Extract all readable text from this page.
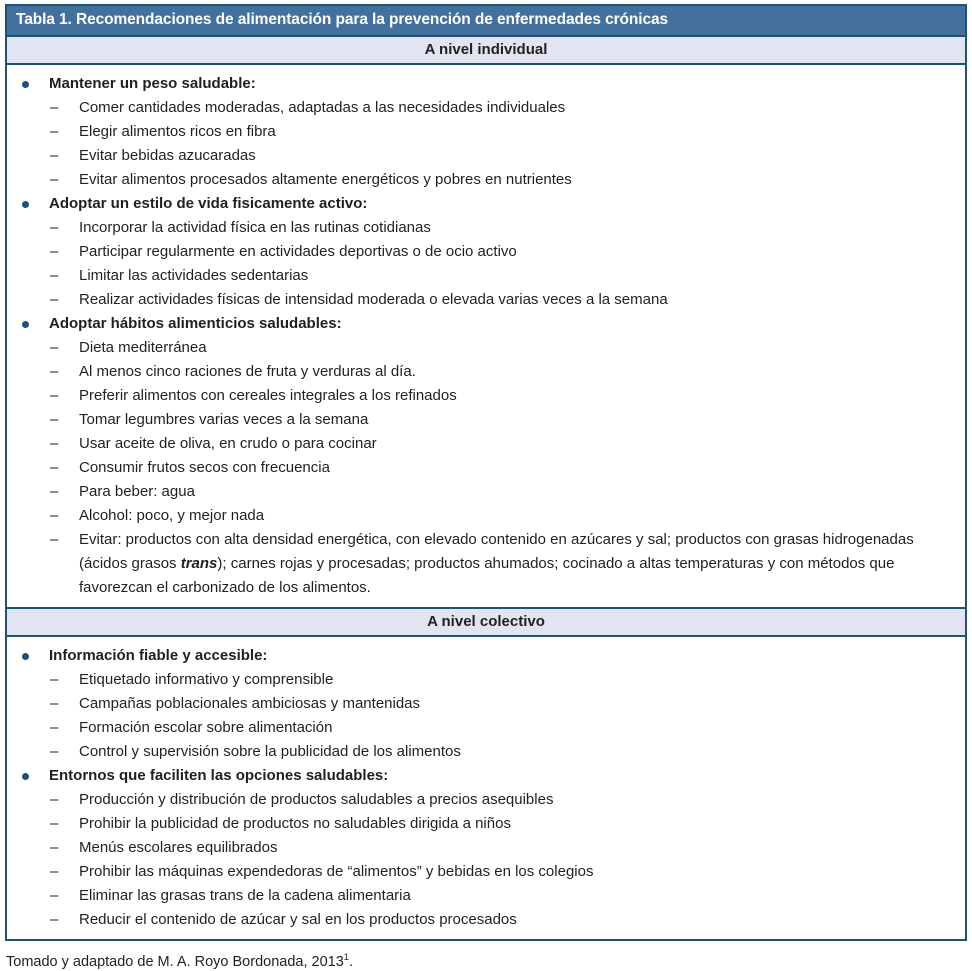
Tabla 1. Recomendaciones de alimentación para la prevención de enfermedades crónicas
A nivel individual
Mantener un peso saludable:
– Comer cantidades moderadas, adaptadas a las necesidades individuales
– Elegir alimentos ricos en fibra
– Evitar bebidas azucaradas
– Evitar alimentos procesados altamente energéticos y pobres en nutrientes
Adoptar un estilo de vida fisicamente activo:
– Incorporar la actividad física en las rutinas cotidianas
– Participar regularmente en actividades deportivas o de ocio activo
– Limitar las actividades sedentarias
– Realizar actividades físicas de intensidad moderada o elevada varias veces a la semana
Adoptar hábitos alimenticios saludables:
– Dieta mediterránea
– Al menos cinco raciones de fruta y verduras al día.
– Preferir alimentos con cereales integrales a los refinados
– Tomar legumbres varias veces a la semana
– Usar aceite de oliva, en crudo o para cocinar
– Consumir frutos secos con frecuencia
– Para beber: agua
– Alcohol: poco, y mejor nada
– Evitar: productos con alta densidad energética, con elevado contenido en azúcares y sal; productos con grasas hidrogenadas (ácidos grasos trans); carnes rojas y procesadas; productos ahumados; cocinado a altas temperaturas y con métodos que favorezcan el carbonizado de los alimentos.
A nivel colectivo
Información fiable y accesible:
– Etiquetado informativo y comprensible
– Campañas poblacionales ambiciosas y mantenidas
– Formación escolar sobre alimentación
– Control y supervisión sobre la publicidad de los alimentos
Entornos que faciliten las opciones saludables:
– Producción y distribución de productos saludables a precios asequibles
– Prohibir la publicidad de productos no saludables dirigida a niños
– Menús escolares equilibrados
– Prohibir las máquinas expendedoras de “alimentos” y bebidas en los colegios
– Eliminar las grasas trans de la cadena alimentaria
– Reducir el contenido de azúcar y sal en los productos procesados
Tomado y adaptado de M. A. Royo Bordonada, 2013$^1$.
